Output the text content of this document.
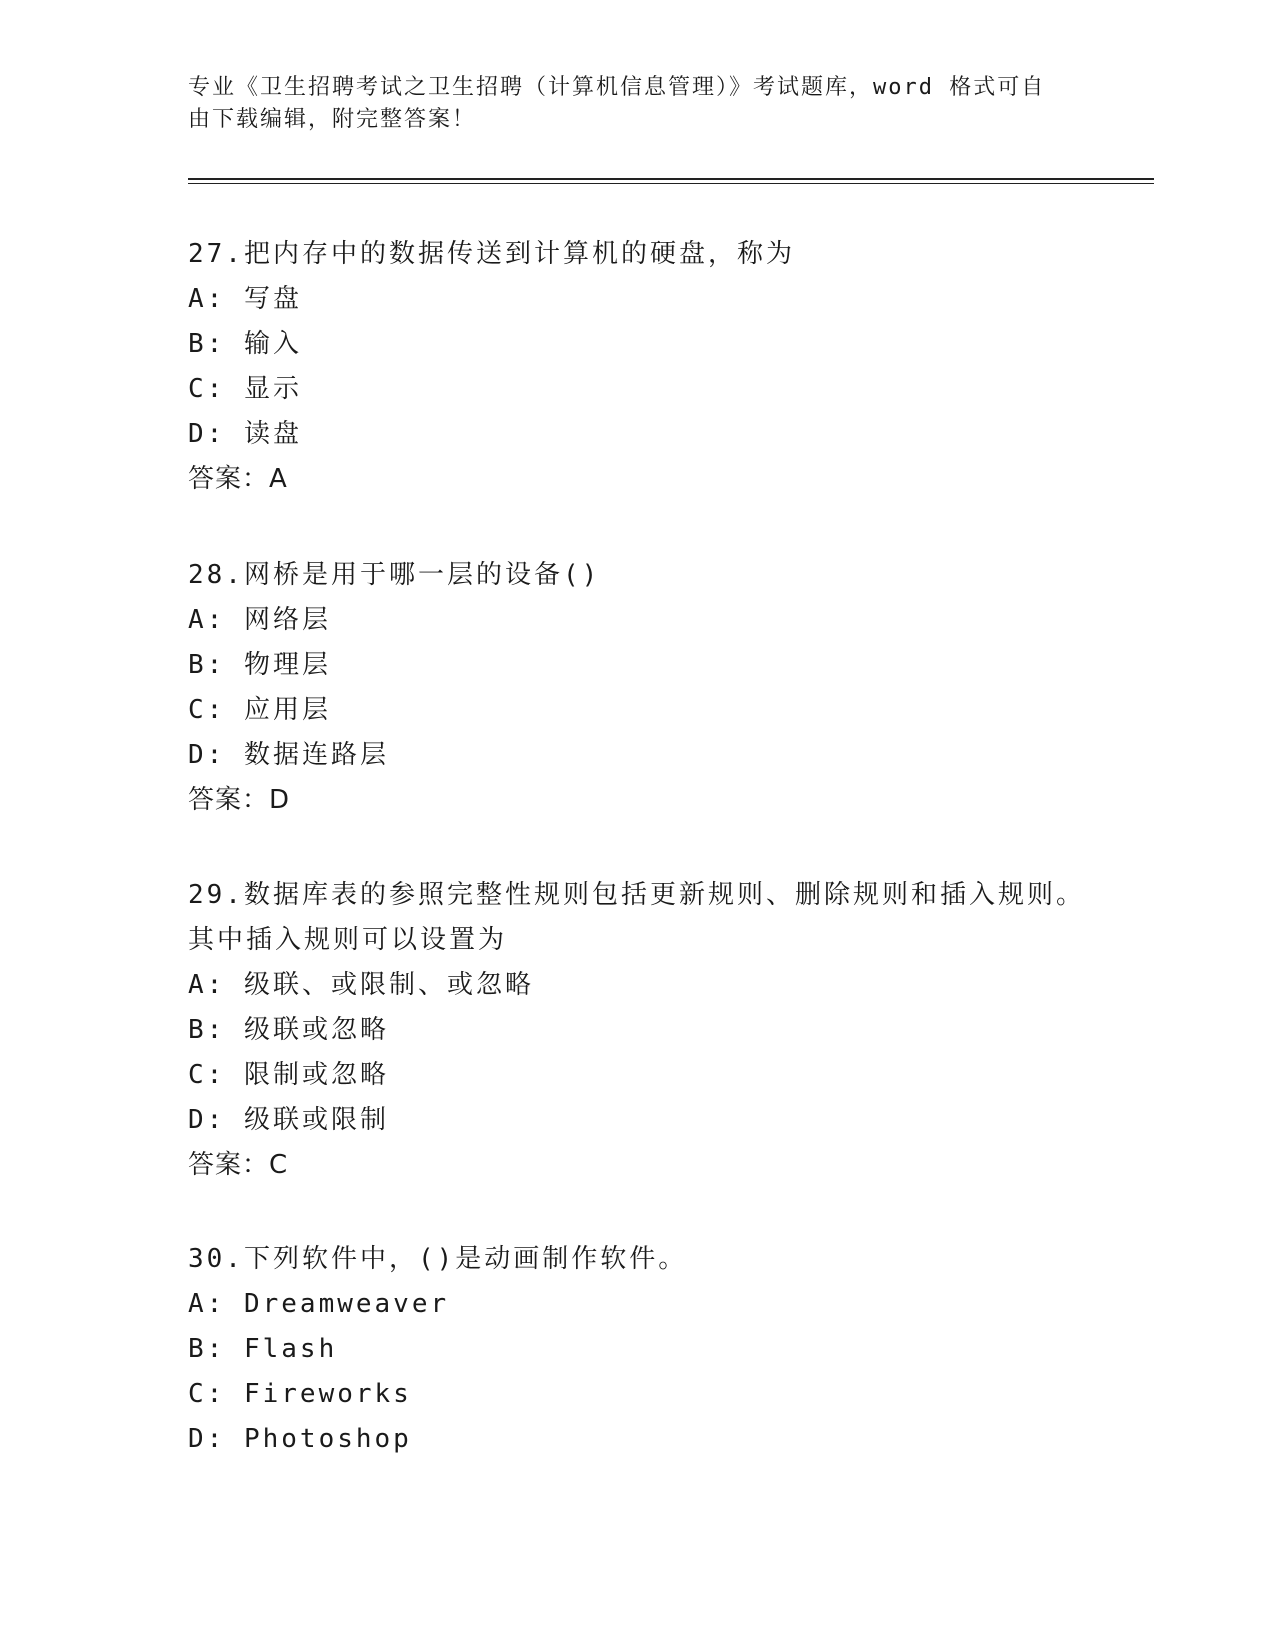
专业《卫生招聘考试之卫生招聘（计算机信息管理）》考试题库，word 格式可自
由下载编辑，附完整答案！

27.把内存中的数据传送到计算机的硬盘，称为

A: 写盘

B: 输入

C: 显示

D: 读盘

答案：A

28.网桥是用于哪一层的设备()

A: 网络层

B: 物理层

C: 应用层

D: 数据连路层

答案：D

29.数据库表的参照完整性规则包括更新规则、删除规则和插入规则。

其中插入规则可以设置为

A: 级联、或限制、或忽略

B: 级联或忽略

C: 限制或忽略

D: 级联或限制

答案：C

30.下列软件中，()是动画制作软件。

A: Dreamweaver

B: Flash

C: Fireworks

D: Photoshop
